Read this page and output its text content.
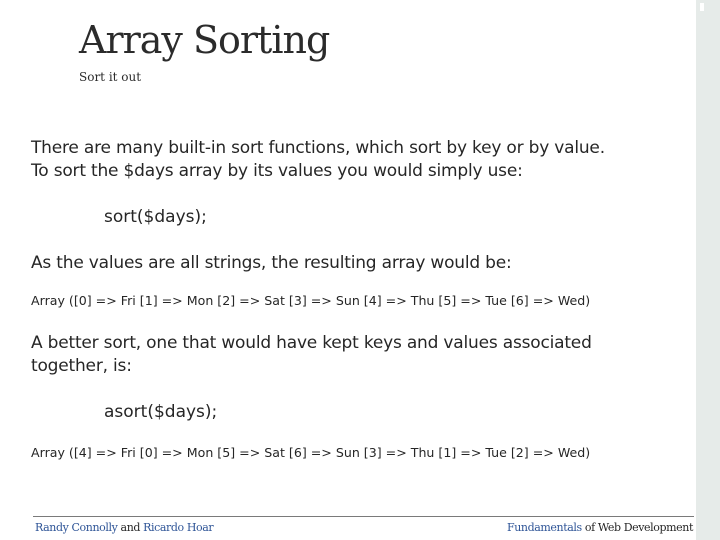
Array Sorting
Sort it out
There are many built-in sort functions, which sort by key or by value.
To sort the $days array by its values you would simply use:
sort($days);
As the values are all strings, the resulting array would be:
Array ([0] => Fri [1] => Mon [2] => Sat [3] => Sun [4] => Thu [5] => Tue [6] => Wed)
A better sort, one that would have kept keys and values associated
together, is:
asort($days);
Array ([4] => Fri [0] => Mon [5] => Sat [6] => Sun [3] => Thu [1] => Tue [2] => Wed)
Randy Connolly and Ricardo Hoar	Fundamentals of Web Development
